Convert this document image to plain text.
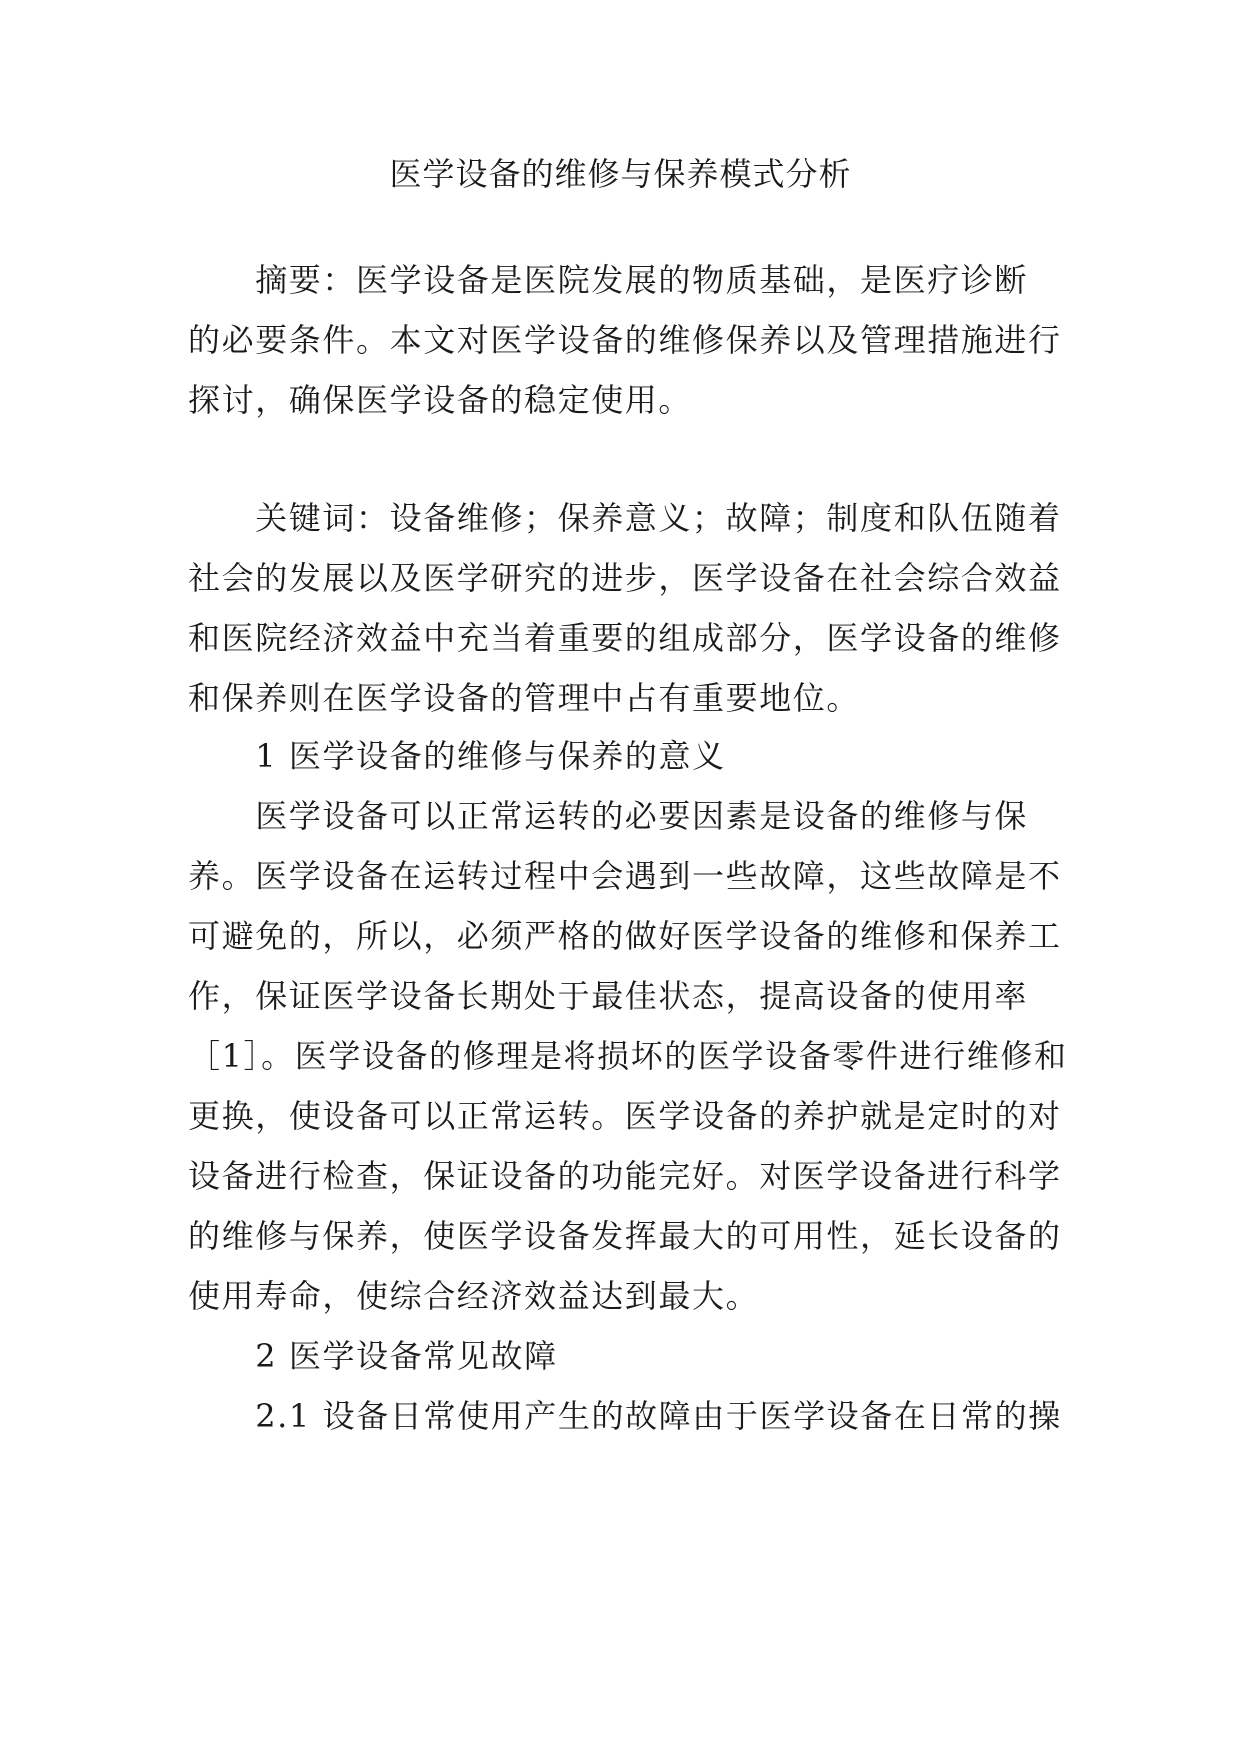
医学设备的维修与保养模式分析
　　摘要：医学设备是医院发展的物质基础，是医疗诊断
的必要条件。本文对医学设备的维修保养以及管理措施进行
探讨，确保医学设备的稳定使用。
　　关键词：设备维修；保养意义；故障；制度和队伍随着
社会的发展以及医学研究的进步，医学设备在社会综合效益
和医院经济效益中充当着重要的组成部分，医学设备的维修
和保养则在医学设备的管理中占有重要地位。
　　1 医学设备的维修与保养的意义
　　医学设备可以正常运转的必要因素是设备的维修与保
养。医学设备在运转过程中会遇到一些故障，这些故障是不
可避免的，所以，必须严格的做好医学设备的维修和保养工
作，保证医学设备长期处于最佳状态，提高设备的使用率
［1］。医学设备的修理是将损坏的医学设备零件进行维修和
更换，使设备可以正常运转。医学设备的养护就是定时的对
设备进行检查，保证设备的功能完好。对医学设备进行科学
的维修与保养，使医学设备发挥最大的可用性，延长设备的
使用寿命，使综合经济效益达到最大。
　　2 医学设备常见故障
　　2.1 设备日常使用产生的故障由于医学设备在日常的操
